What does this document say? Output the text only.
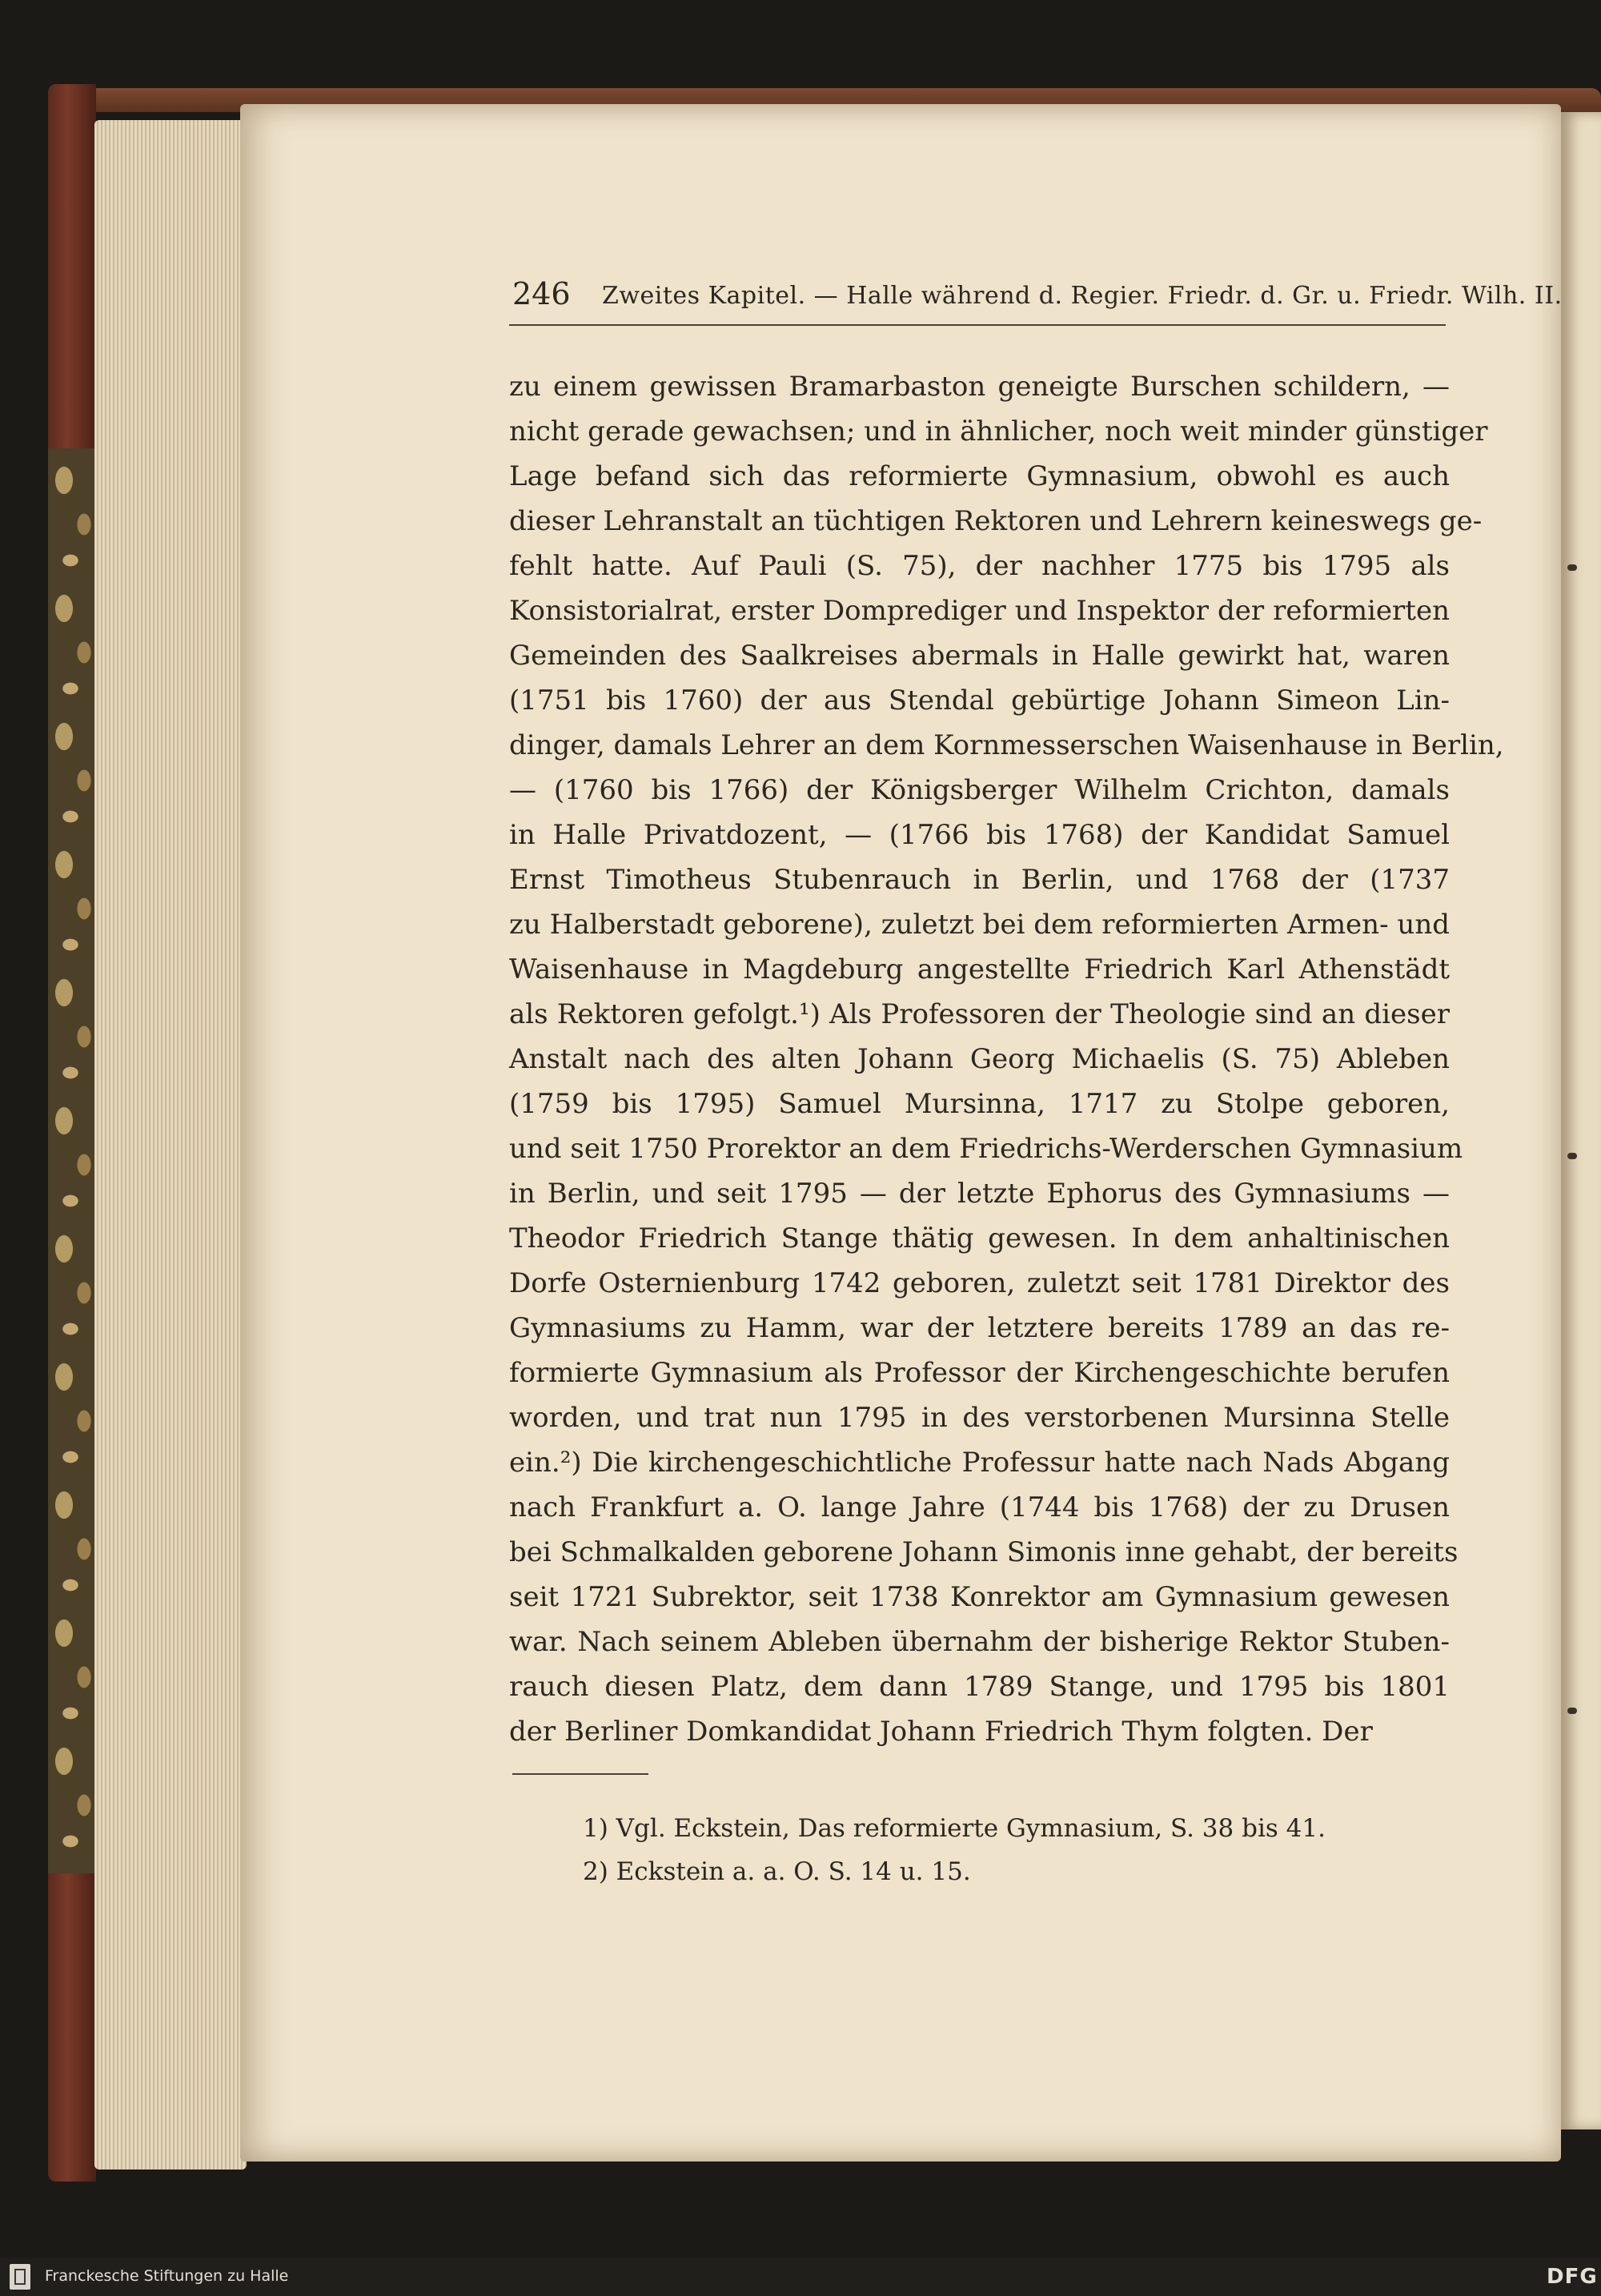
246 Zweites Kapitel. — Halle während d. Regier. Friedr. d. Gr. u. Friedr. Wilh. II.
zu einem gewissen Bramarbaston geneigte Burschen schildern, —
nicht gerade gewachsen; und in ähnlicher, noch weit minder günstiger
Lage befand sich das reformierte Gymnasium, obwohl es auch
dieser Lehranstalt an tüchtigen Rektoren und Lehrern keineswegs ge-
fehlt hatte. Auf Pauli (S. 75), der nachher 1775 bis 1795 als
Konsistorialrat, erster Domprediger und Inspektor der reformierten
Gemeinden des Saalkreises abermals in Halle gewirkt hat, waren
(1751 bis 1760) der aus Stendal gebürtige Johann Simeon Lin-
dinger, damals Lehrer an dem Kornmesserschen Waisenhause in Berlin,
— (1760 bis 1766) der Königsberger Wilhelm Crichton, damals
in Halle Privatdozent, — (1766 bis 1768) der Kandidat Samuel
Ernst Timotheus Stubenrauch in Berlin, und 1768 der (1737
zu Halberstadt geborene), zuletzt bei dem reformierten Armen- und
Waisenhause in Magdeburg angestellte Friedrich Karl Athenstädt
als Rektoren gefolgt.¹) Als Professoren der Theologie sind an dieser
Anstalt nach des alten Johann Georg Michaelis (S. 75) Ableben
(1759 bis 1795) Samuel Mursinna, 1717 zu Stolpe geboren,
und seit 1750 Prorektor an dem Friedrichs-Werderschen Gymnasium
in Berlin, und seit 1795 — der letzte Ephorus des Gymnasiums —
Theodor Friedrich Stange thätig gewesen. In dem anhaltinischen
Dorfe Osternienburg 1742 geboren, zuletzt seit 1781 Direktor des
Gymnasiums zu Hamm, war der letztere bereits 1789 an das re-
formierte Gymnasium als Professor der Kirchengeschichte berufen
worden, und trat nun 1795 in des verstorbenen Mursinna Stelle
ein.²) Die kirchengeschichtliche Professur hatte nach Nads Abgang
nach Frankfurt a. O. lange Jahre (1744 bis 1768) der zu Drusen
bei Schmalkalden geborene Johann Simonis inne gehabt, der bereits
seit 1721 Subrektor, seit 1738 Konrektor am Gymnasium gewesen
war. Nach seinem Ableben übernahm der bisherige Rektor Stuben-
rauch diesen Platz, dem dann 1789 Stange, und 1795 bis 1801
der Berliner Domkandidat Johann Friedrich Thym folgten. Der
1) Vgl. Eckstein, Das reformierte Gymnasium, S. 38 bis 41.
2) Eckstein a. a. O. S. 14 u. 15.
Franckesche Stiftungen zu Halle	DFG
